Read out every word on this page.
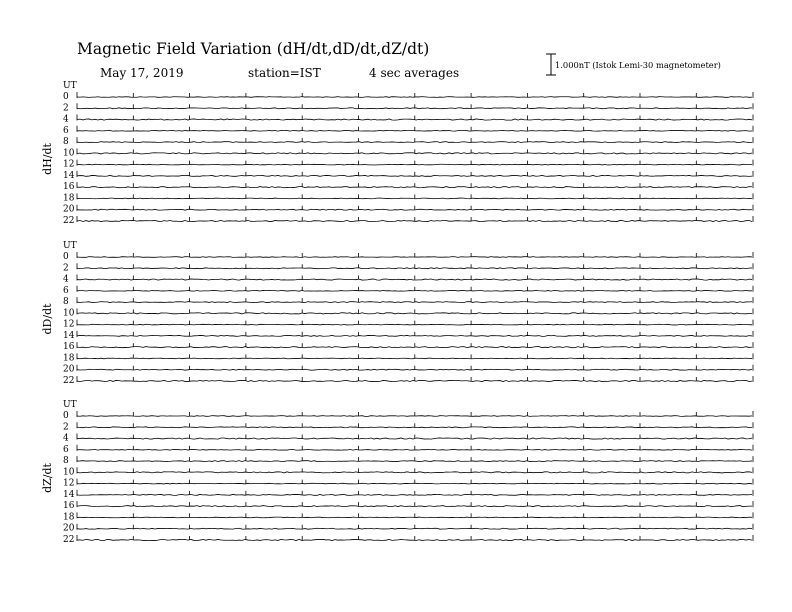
Magnetic Field Variation (dH/dt,dD/dt,dZ/dt)
May 17, 2019	station=IST	4 sec averages
1.000nT (Istok Lemi-30 magnetometer)
UT
dH/dt
0
2
4
6
8
10
12
14
16
18
20
22
UT
dD/dt
0
2
4
6
8
10
12
14
16
18
20
22
UT
dZ/dt
0
2
4
6
8
10
12
14
16
18
20
22
